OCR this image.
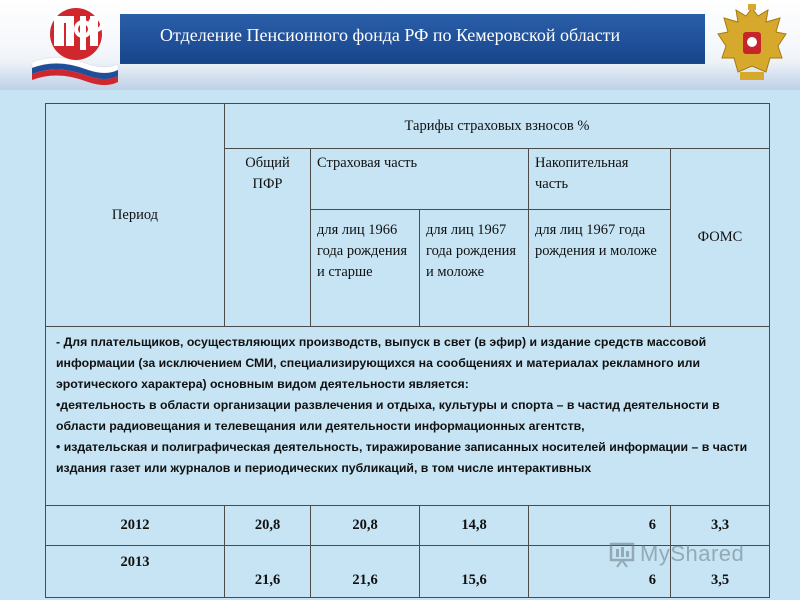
Отделение Пенсионного фонда РФ по Кемеровской области
Период	Тарифы страховых взносов %				
	Общий ПФР	Страховая часть		Накопительная часть	ФОМС
		для лиц 1966 года рождения и старше	для лиц 1967 года рождения и моложе	для лиц 1967 года рождения и моложе	

- Для плательщиков, осуществляющих производств, выпуск в свет (в эфир) и издание средств массовой информации (за исключением СМИ, специализирующихся на сообщениях и материалах рекламного или эротического характера) основным видом деятельности является:
•деятельность в области организации развлечения и отдыха, культуры и спорта – в частид деятельности в области радиовещания и телевещания или деятельности информационных агентств,
• издательская и полиграфическая деятельность, тиражирование записанных носителей информации – в части издания газет или журналов и периодических публикаций, в том числе интерактивных					

2012	20,8	20,8	14,8	6	3,3
2013	21,6	21,6	15,6	6	3,5
MyShared
